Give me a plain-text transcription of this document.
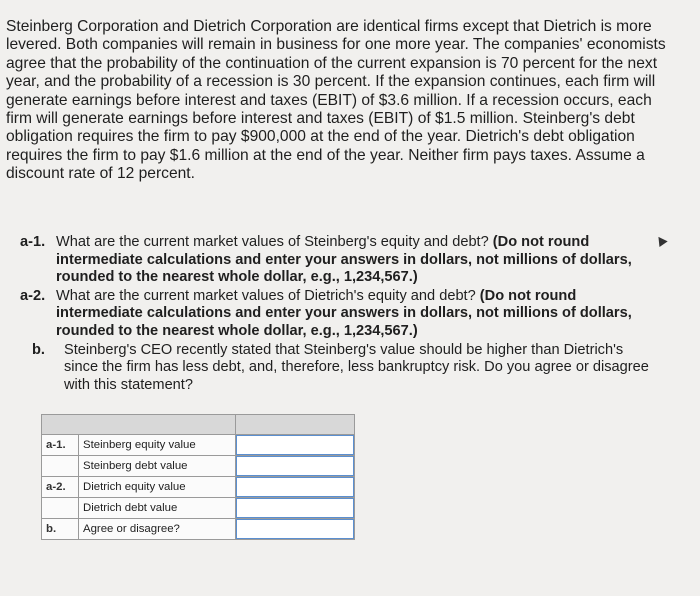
Steinberg Corporation and Dietrich Corporation are identical firms except that Dietrich is more levered. Both companies will remain in business for one more year. The companies' economists agree that the probability of the continuation of the current expansion is 70 percent for the next year, and the probability of a recession is 30 percent. If the expansion continues, each firm will generate earnings before interest and taxes (EBIT) of $3.6 million. If a recession occurs, each firm will generate earnings before interest and taxes (EBIT) of $1.5 million. Steinberg's debt obligation requires the firm to pay $900,000 at the end of the year. Dietrich's debt obligation requires the firm to pay $1.6 million at the end of the year. Neither firm pays taxes. Assume a discount rate of 12 percent.

a-1. What are the current market values of Steinberg's equity and debt? (Do not round intermediate calculations and enter your answers in dollars, not millions of dollars, rounded to the nearest whole dollar, e.g., 1,234,567.)
a-2. What are the current market values of Dietrich's equity and debt? (Do not round intermediate calculations and enter your answers in dollars, not millions of dollars, rounded to the nearest whole dollar, e.g., 1,234,567.)
b. Steinberg's CEO recently stated that Steinberg's value should be higher than Dietrich's since the firm has less debt, and, therefore, less bankruptcy risk. Do you agree or disagree with this statement?

a-1.	Steinberg equity value	
	Steinberg debt value	
a-2.	Dietrich equity value	
	Dietrich debt value	
b.	Agree or disagree?	
